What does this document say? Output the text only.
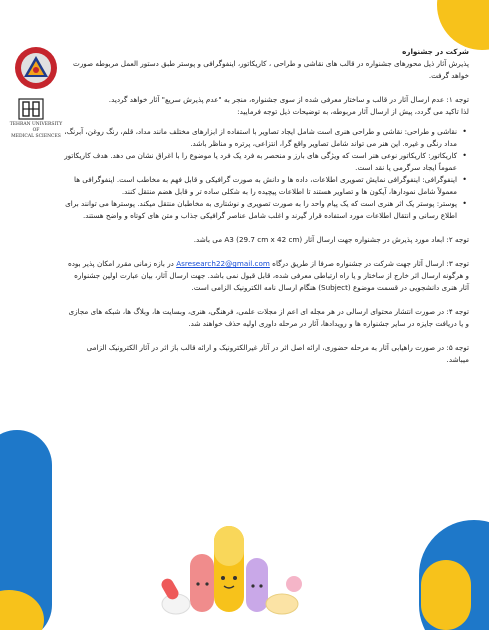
TEHRAN UNIVERSITY
OF
MEDICAL SCIENCES

شرکت در جشنواره

پذیرش آثار ذیل محورهای جشنواره در قالب های نقاشی و طراحی ، کاریکاتور، اینفوگرافی و پوستر طبق دستور العمل مربوطه صورت خواهد گرفت.

توجه ۱: عدم ارسال آثار در قالب و ساختار معرفی شده از سوی جشنواره، منجر به "عدم پذیرش سریع" آثار خواهد گردید.

لذا تاکید می گردد، پیش از ارسال آثار مربوطه، به توضیحات ذیل توجه فرمایید:

• نقاشی و طراحی: نقاشی و طراحی هنری است شامل ایجاد تصاویر با استفاده از ابزارهای مختلف مانند مداد، قلم، رنگ روغن، آبرنگ، مداد رنگی و غیره. این هنر می تواند شامل تصاویر واقع گرا، انتزاعی، پرتره و مناظر باشد.
• کاریکاتور: کاریکاتور نوعی هنر است که ویژگی های بارز و منحصر به فرد یک فرد یا موضوع را با اغراق نشان می دهد. هدف کاریکاتور عموماً ایجاد سرگرمی یا نقد است.
• اینفوگرافی: اینفوگرافی نمایش تصویری اطلاعات، داده ها و دانش به صورت گرافیکی و قابل فهم به مخاطب است. اینفوگرافی ها معمولاً شامل نمودارها، آیکون ها و تصاویر هستند تا اطلاعات پیچیده را به شکلی ساده تر و قابل هضم منتقل کنند.
• پوستر: پوستر یک اثر هنری است که یک پیام واحد را به صورت تصویری و نوشتاری به مخاطبان منتقل میکند. پوسترها می توانند برای اطلاع رسانی و انتقال اطلاعات مورد استفاده قرار گیرند و اغلب شامل عناصر گرافیکی جذاب و متن های کوتاه و واضح هستند.

توجه ۲: ابعاد مورد پذیرش در جشنواره جهت ارسال آثار A3 (29.7 cm x 42 cm) می باشد.

توجه ۳: ارسال آثار جهت شرکت در جشنواره صرفا از طریق درگاه Asresearch22@gmail.com در بازه زمانی مقرر امکان پذیر بوده

و هرگونه ارسال اثر خارج از ساختار و یا راه ارتباطی معرفی شده، قابل قبول نمی باشد. جهت ارسال آثار، بیان عبارت اولین جشنواره

آثار هنری دانشجویی در قسمت موضوع (Subject) هنگام ارسال نامه الکترونیک الزامی است.

توجه ۴: در صورت انتشار محتوای ارسالی در هر مجله ای اعم از مجلات علمی، فرهنگی، هنری، وبسایت ها، وبلاگ ها، شبکه های مجازی

و یا دریافت جایزه در سایر جشنواره ها و رویدادها، آثار در مرحله داوری اولیه حذف خواهند شد.

توجه ۵: در صورت راهیابی آثار به مرحله حضوری، ارائه اصل اثر در آثار غیرالکترونیک و ارائه قالب باز اثر در آثار الکترونیک الزامی میباشد.
